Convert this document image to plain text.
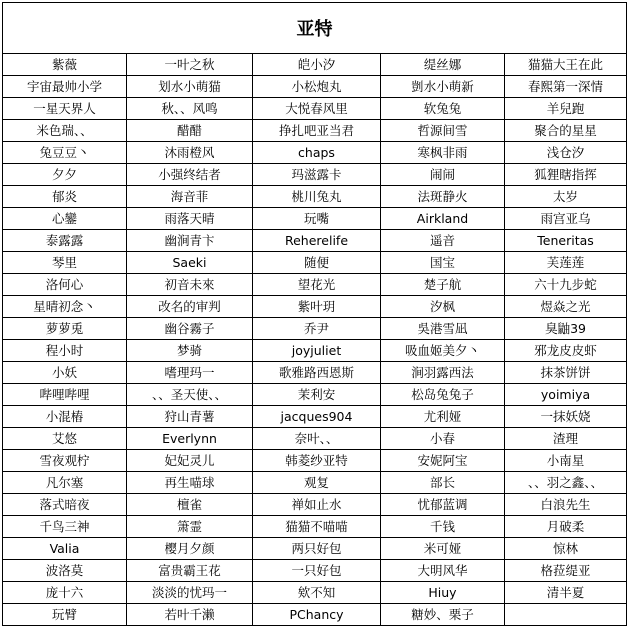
亚特				
紫薇	一叶之秋	皑小汐	缇丝娜	猫猫大王在此
宇宙最帅小学	划水小萌猫	小松炮丸	剴水小萌新	春熙第一深情
一星天界人	秋、、风鸣	大悦春风里	软兔兔	羊兒跑
米色瑞、、	醋醋	挣扎吧亚当君	哲源间雪	聚合的星星
兔豆豆丶	沐雨橙风	chaps	寒枫非雨	浅仓汐
夕夕	小强终结者	玛滋露卡	闹闹	狐狸瞎指挥
郁炎	海音菲	桃川兔丸	法斑静火	太岁
心鑾	雨落天晴	玩嘴	Airkland	雨宫亚乌
泰露露	幽涧青卞	Reherelife	遥音	Teneritas
琴里	Saeki	随便	国宝	芙莲莲
洛何心	初音未來	望花光	楚子航	六十九步蛇
星晴初念丶	改名的审判	紫叶玥	汐枫	煜焱之光
萝萝兎	幽谷霧子	乔尹	吳港雪凪	臭鼬39
程小时	梦骑	joyjuliet	吸血姬美夕丶	邪龙皮皮虾
小妖	嗜理玛一	歌雅路西恩斯	涧羽露西法	抹茶饼饼
哔哩哔哩	、、圣天使、、	茉利安	松岛兔兔子	yoimiya
小混樁	狩山青薯	jacques904	尤利娅	一抹妖娆
艾悠	Everlynn	奈叶、、	小春	渣理
雪夜观柠	妃妃灵儿	韩菱纱亚特	安妮阿宝	小南星
凡尔塞	再生喵球	观复	部长	、、羽之鑫、、
落式暗夜	檀雀	禅如止水	忧郁蓝调	白浪先生
千鸟三神	箫霊	猫猫不喵喵	千钱	月破柔
Valia	樱月夕颜	两只好包	米可娅	惊林
波洛莫	富贵霸王花	一只好包	大明风华	格菈缇亚
庞十六	淡淡的忧玛一	欸不知	Hiuy	清半夏
玩臂	若叶千濑	PChancy	糖妙、栗子	
